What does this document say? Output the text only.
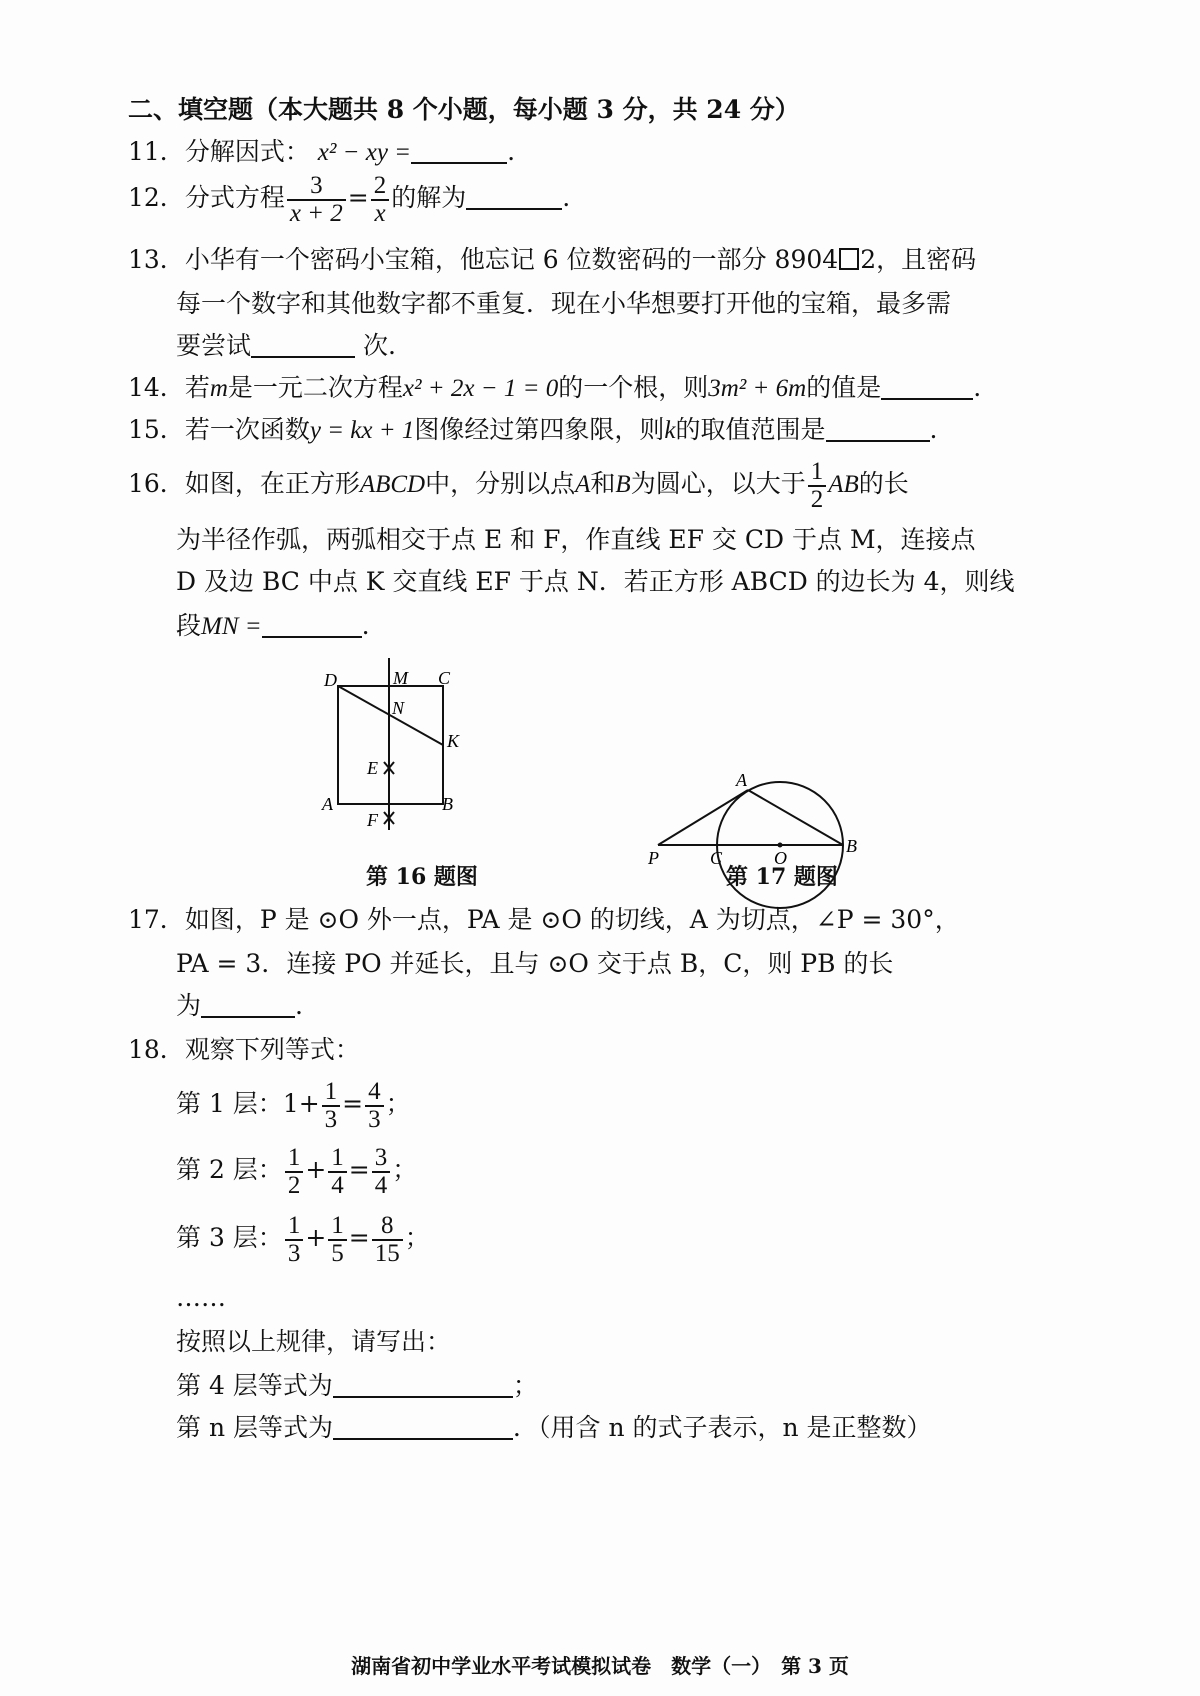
二、填空题（本大题共 8 个小题，每小题 3 分，共 24 分）
11．分解因式： x² − xy =	.
12．分式方程 $\frac{3}{x + 2} = \frac{2}{x}$ 的解为	.
13．小华有一个密码小宝箱，他忘记 6 位数密码的一部分 8904 2，且密码
每一个数字和其他数字都不重复．现在小华想要打开他的宝箱，最多需
要尝试	次.
14．若m是一元二次方程x² + 2x − 1 = 0的一个根，则3m² + 6m的值是	.
15．若一次函数y = kx + 1图像经过第四象限，则k的取值范围是	.
16．如图，在正方形ABCD中，分别以点A和B为圆心，以大于 $\frac{1}{2}$ AB的长
为半径作弧，两弧相交于点 E 和 F，作直线 EF 交 CD 于点 M，连接点
D 及边 BC 中点 K 交直线 EF 于点 N．若正方形 ABCD 的边长为 4，则线
段MN =	.
D	M C
N
K
E
A	B
F
第 16 题图
A
P	C	O
B
第 17 题图
17．如图，P 是 ⊙O 外一点，PA 是 ⊙O 的切线，A 为切点，∠P = 30°，
PA = 3．连接 PO 并延长，且与 ⊙O 交于点 B，C，则 PB 的长
为	.
18．观察下列等式：
第 1 层：$1+ \frac{1}{3} = \frac{4}{3}$ ；
第 2 层： $\frac{1}{2} + \frac{1}{4} = \frac{3}{4}$ ；
第 3 层： $\frac{1}{3} + \frac{1}{5} = \frac{8}{15}$ ；
……
按照以上规律，请写出：
第 4 层等式为	；
第 n 层等式为	．（用含 n 的式子表示，n 是正整数）
湖南省初中学业水平考试模拟试卷　数学（一）　第 3 页
